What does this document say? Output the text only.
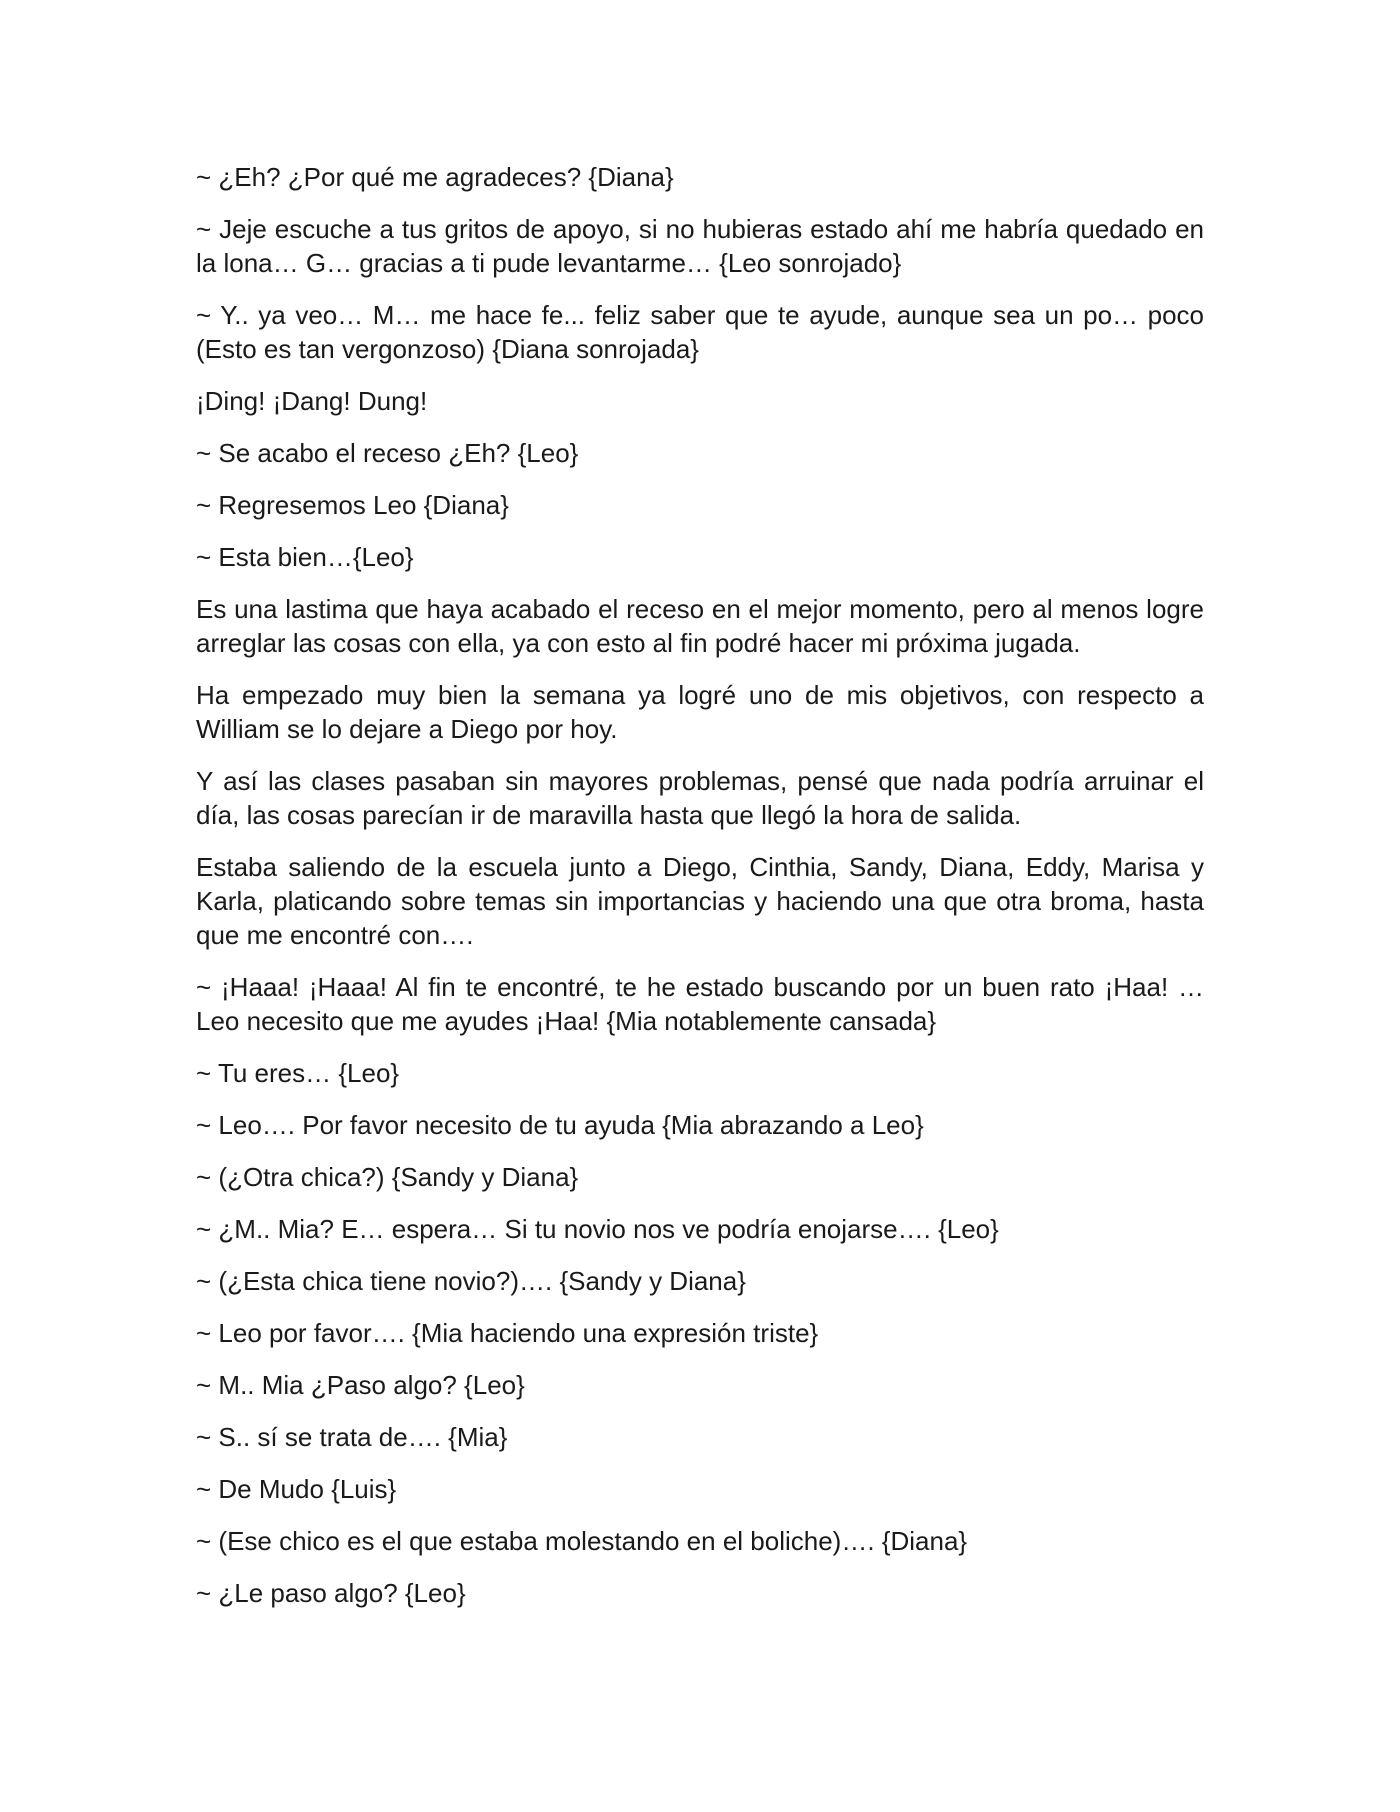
~ ¿Eh? ¿Por qué me agradeces? {Diana}

~ Jeje escuche a tus gritos de apoyo, si no hubieras estado ahí me habría quedado en la lona… G… gracias a ti pude levantarme… {Leo sonrojado}

~ Y.. ya veo… M… me hace fe... feliz saber que te ayude, aunque sea un po… poco (Esto es tan vergonzoso) {Diana sonrojada}

¡Ding! ¡Dang! Dung!

~ Se acabo el receso ¿Eh? {Leo}

~ Regresemos Leo {Diana}

~ Esta bien…{Leo}

Es una lastima que haya acabado el receso en el mejor momento, pero al menos logre arreglar las cosas con ella, ya con esto al fin podré hacer mi próxima jugada.

Ha empezado muy bien la semana ya logré uno de mis objetivos, con respecto a William se lo dejare a Diego por hoy.

Y así las clases pasaban sin mayores problemas, pensé que nada podría arruinar el día, las cosas parecían ir de maravilla hasta que llegó la hora de salida.

Estaba saliendo de la escuela junto a Diego, Cinthia, Sandy, Diana, Eddy, Marisa y Karla, platicando sobre temas sin importancias y haciendo una que otra broma, hasta que me encontré con….

~ ¡Haaa! ¡Haaa! Al fin te encontré, te he estado buscando por un buen rato ¡Haa! … Leo necesito que me ayudes ¡Haa! {Mia notablemente cansada}

~ Tu eres… {Leo}

~ Leo…. Por favor necesito de tu ayuda {Mia abrazando a Leo}

~ (¿Otra chica?) {Sandy y Diana}

~ ¿M.. Mia? E… espera… Si tu novio nos ve podría enojarse…. {Leo}

~ (¿Esta chica tiene novio?)…. {Sandy y Diana}

~ Leo por favor…. {Mia haciendo una expresión triste}

~ M.. Mia ¿Paso algo? {Leo}

~ S.. sí se trata de…. {Mia}

~ De Mudo {Luis}

~ (Ese chico es el que estaba molestando en el boliche)…. {Diana}

~ ¿Le paso algo? {Leo}
